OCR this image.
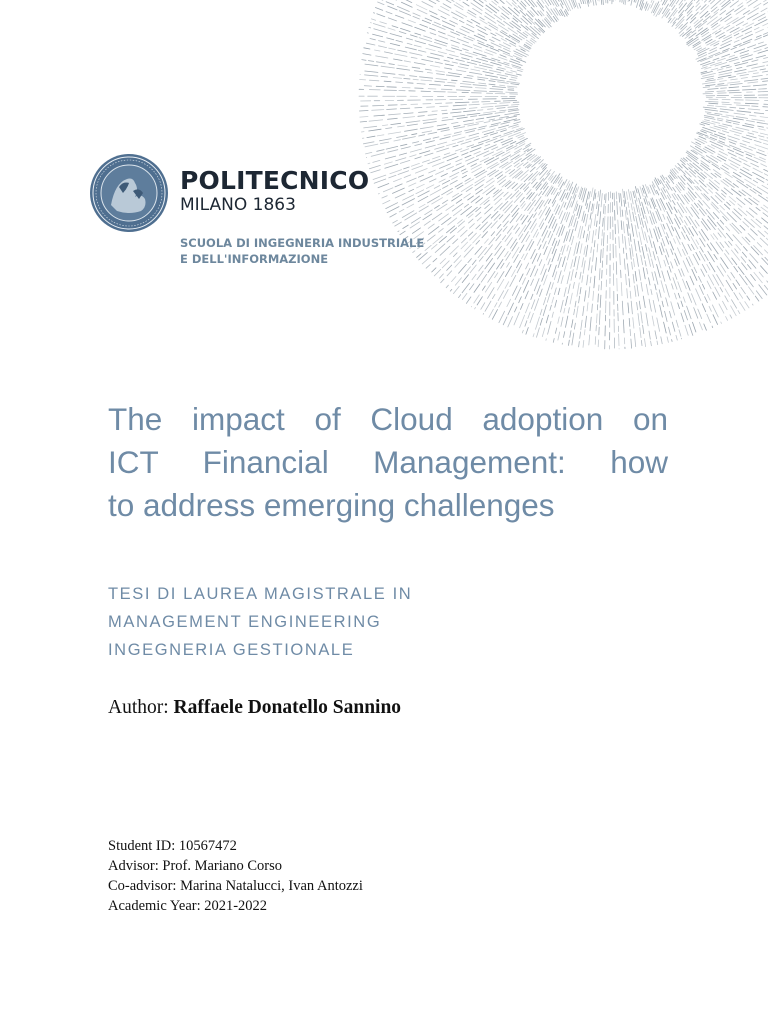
POLITECNICO
MILANO 1863
SCUOLA DI INGEGNERIA INDUSTRIALE
E DELL'INFORMAZIONE
The impact of Cloud adoption on
ICT Financial Management: how
to address emerging challenges
TESI DI LAUREA MAGISTRALE IN
MANAGEMENT ENGINEERING
INGEGNERIA GESTIONALE
Author: Raffaele Donatello Sannino
Student ID: 10567472
Advisor: Prof. Mariano Corso
Co-advisor: Marina Natalucci, Ivan Antozzi
Academic Year: 2021-2022
